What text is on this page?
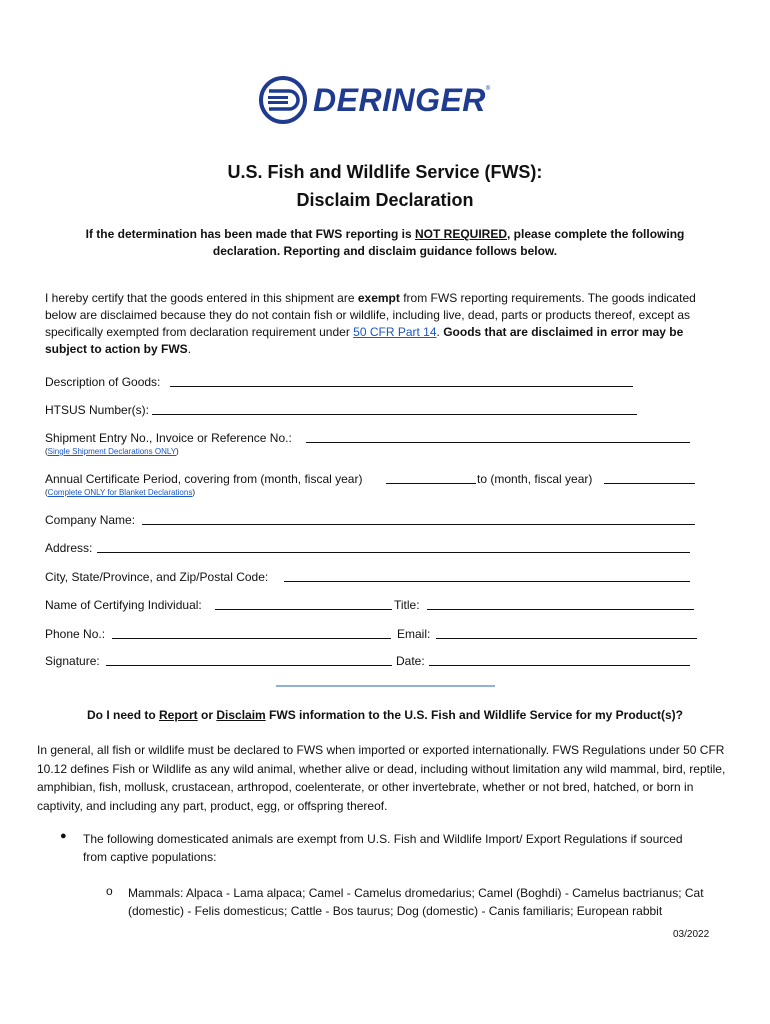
DERINGER ®
U.S. Fish and Wildlife Service (FWS):
Disclaim Declaration
If the determination has been made that FWS reporting is NOT REQUIRED, please complete the following declaration. Reporting and disclaim guidance follows below.
I hereby certify that the goods entered in this shipment are exempt from FWS reporting requirements. The goods indicated below are disclaimed because they do not contain fish or wildlife, including live, dead, parts or products thereof, except as specifically exempted from declaration requirement under 50 CFR Part 14. Goods that are disclaimed in error may be subject to action by FWS.
Description of Goods:
HTSUS Number(s):
Shipment Entry No., Invoice or Reference No.:
(Single Shipment Declarations ONLY)
Annual Certificate Period, covering from (month, fiscal year)	to (month, fiscal year)
(Complete ONLY for Blanket Declarations)
Company Name:
Address:
City, State/Province, and Zip/Postal Code:
Name of Certifying Individual:	Title:
Phone No.:	Email:
Signature:	Date:
Do I need to Report or Disclaim FWS information to the U.S. Fish and Wildlife Service for my Product(s)?
In general, all fish or wildlife must be declared to FWS when imported or exported internationally. FWS Regulations under 50 CFR 10.12 defines Fish or Wildlife as any wild animal, whether alive or dead, including without limitation any wild mammal, bird, reptile, amphibian, fish, mollusk, crustacean, arthropod, coelenterate, or other invertebrate, whether or not bred, hatched, or born in captivity, and including any part, product, egg, or offspring thereof.
● The following domesticated animals are exempt from U.S. Fish and Wildlife Import/ Export Regulations if sourced from captive populations:
o Mammals: Alpaca - Lama alpaca; Camel - Camelus dromedarius; Camel (Boghdi) - Camelus bactrianus; Cat (domestic) - Felis domesticus; Cattle - Bos taurus; Dog (domestic) - Canis familiaris; European rabbit
03/2022
